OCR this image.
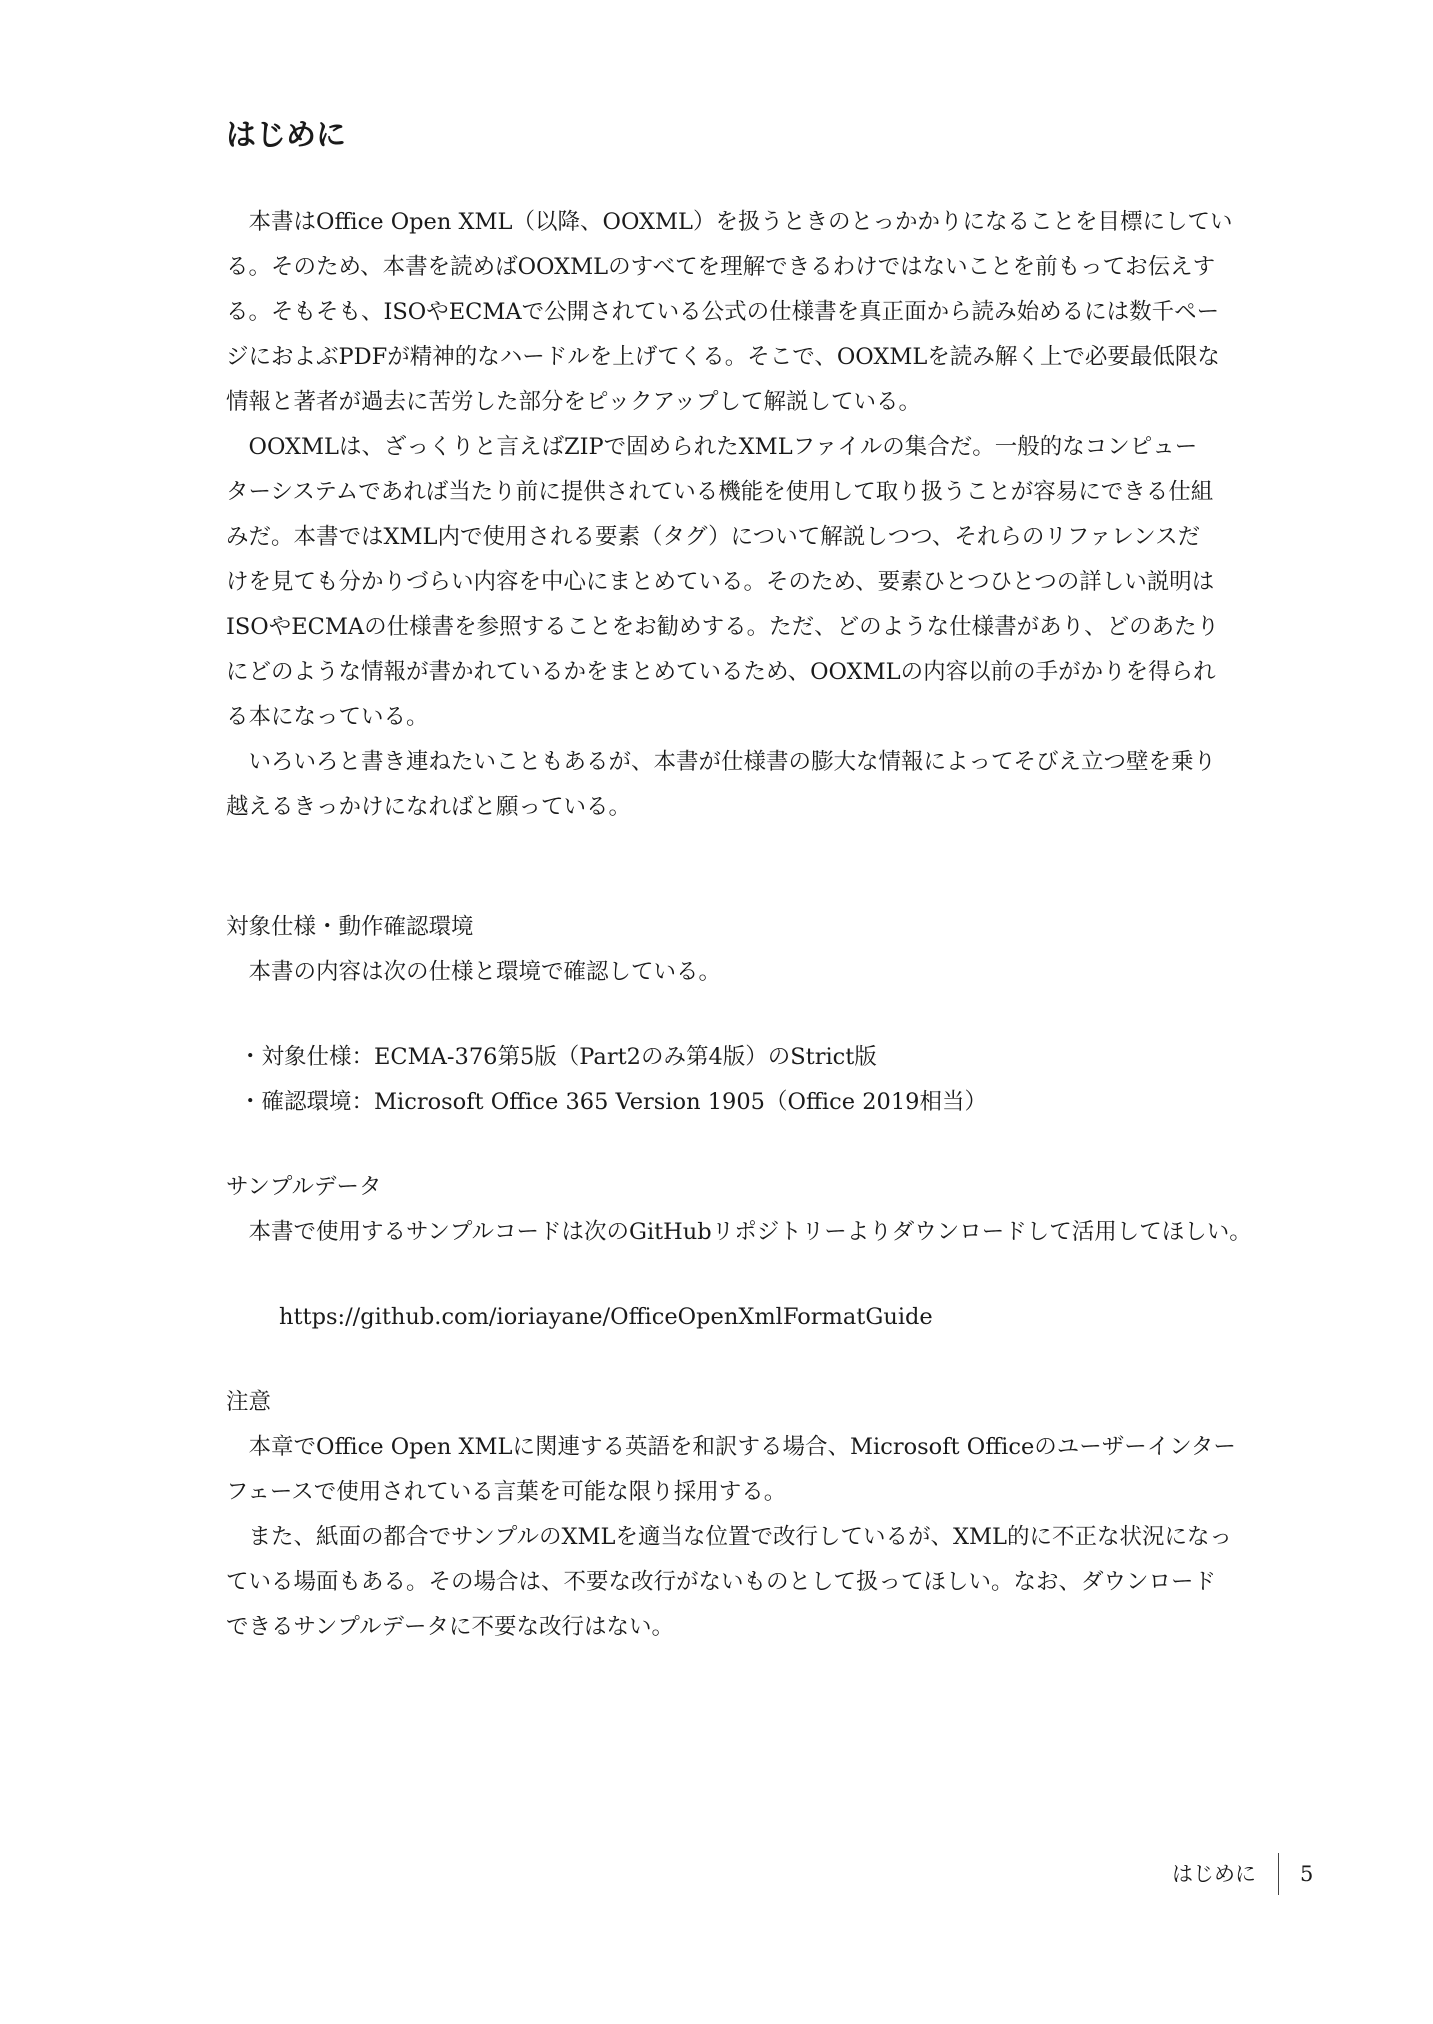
はじめに
　本書はOffice Open XML（以降、OOXML）を扱うときのとっかかりになることを目標にしてい
る。そのため、本書を読めばOOXMLのすべてを理解できるわけではないことを前もってお伝えす
る。そもそも、ISOやECMAで公開されている公式の仕様書を真正面から読み始めるには数千ペー
ジにおよぶPDFが精神的なハードルを上げてくる。そこで、OOXMLを読み解く上で必要最低限な
情報と著者が過去に苦労した部分をピックアップして解説している。
　OOXMLは、ざっくりと言えばZIPで固められたXMLファイルの集合だ。一般的なコンピュー
ターシステムであれば当たり前に提供されている機能を使用して取り扱うことが容易にできる仕組
みだ。本書ではXML内で使用される要素（タグ）について解説しつつ、それらのリファレンスだ
けを見ても分かりづらい内容を中心にまとめている。そのため、要素ひとつひとつの詳しい説明は
ISOやECMAの仕様書を参照することをお勧めする。ただ、どのような仕様書があり、どのあたり
にどのような情報が書かれているかをまとめているため、OOXMLの内容以前の手がかりを得られ
る本になっている。
　いろいろと書き連ねたいこともあるが、本書が仕様書の膨大な情報によってそびえ立つ壁を乗り
越えるきっかけになればと願っている。
対象仕様・動作確認環境
　本書の内容は次の仕様と環境で確認している。
・対象仕様：ECMA-376第5版（Part2のみ第4版）のStrict版
・確認環境：Microsoft Office 365 Version 1905（Office 2019相当）
サンプルデータ
　本書で使用するサンプルコードは次のGitHubリポジトリーよりダウンロードして活用してほしい。
https://github.com/ioriayane/OfficeOpenXmlFormatGuide
注意
　本章でOffice Open XMLに関連する英語を和訳する場合、Microsoft Officeのユーザーインター
フェースで使用されている言葉を可能な限り採用する。
　また、紙面の都合でサンプルのXMLを適当な位置で改行しているが、XML的に不正な状況になっ
ている場面もある。その場合は、不要な改行がないものとして扱ってほしい。なお、ダウンロード
できるサンプルデータに不要な改行はない。
はじめに 5
